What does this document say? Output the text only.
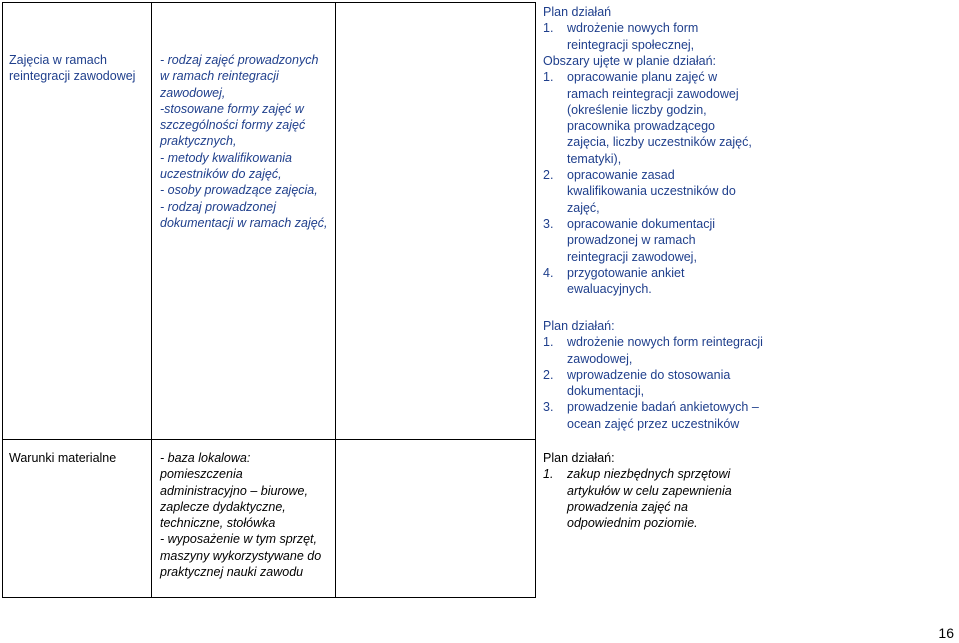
Zajęcia w ramach reintegracji zawodowej

- rodzaj zajęć prowadzonych
w ramach reintegracji
zawodowej,
-stosowane formy zajęć w
szczególności formy zajęć
praktycznych,
- metody kwalifikowania
uczestników do zajęć,
- osoby prowadzące zajęcia,
- rodzaj prowadzonej
dokumentacji w ramach zajęć,

Plan działań

1. wdrożenie nowych form reintegracji społecznej,

Obszary ujęte w planie działań:

1. opracowanie planu zajęć w ramach reintegracji zawodowej (określenie liczby godzin, pracownika prowadzącego zajęcia, liczby uczestników zajęć, tematyki),
2. opracowanie zasad kwalifikowania uczestników do zajęć,
3. opracowanie dokumentacji prowadzonej w ramach reintegracji zawodowej,
4. przygotowanie ankiet ewaluacyjnych.

Plan działań:

1. wdrożenie nowych form reintegracji zawodowej,
2. wprowadzenie do stosowania dokumentacji,
3. prowadzenie badań ankietowych – ocean zajęć przez uczestników

Warunki materialne	- baza lokalowa:
pomieszczenia
administracyjno – biurowe,
zaplecze dydaktyczne,
techniczne, stołówka
- wyposażenie w tym sprzęt,
maszyny wykorzystywane do
praktycznej nauki zawodu

Plan działań:

1. zakup niezbędnych sprzętowi artykułów w celu zapewnienia prowadzenia zajęć na odpowiednim poziomie.
16
